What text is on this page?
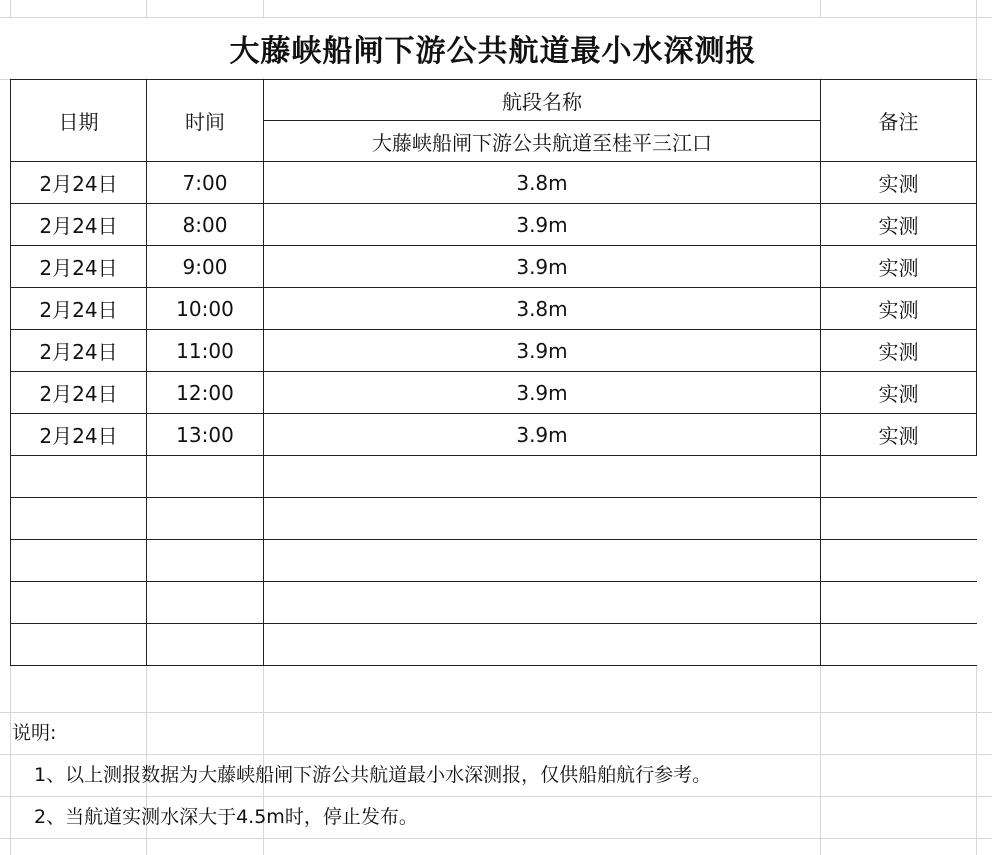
大藤峡船闸下游公共航道最小水深测报
日期	时间	航段名称	备注
		大藤峡船闸下游公共航道至桂平三江口	
2月24日	7:00	3.8m	实测
2月24日	8:00	3.9m	实测
2月24日	9:00	3.9m	实测
2月24日	10:00	3.8m	实测
2月24日	11:00	3.9m	实测
2月24日	12:00	3.9m	实测
2月24日	13:00	3.9m	实测

说明:
1、以上测报数据为大藤峡船闸下游公共航道最小水深测报，仅供船舶航行参考。
2、当航道实测水深大于4.5m时，停止发布。
